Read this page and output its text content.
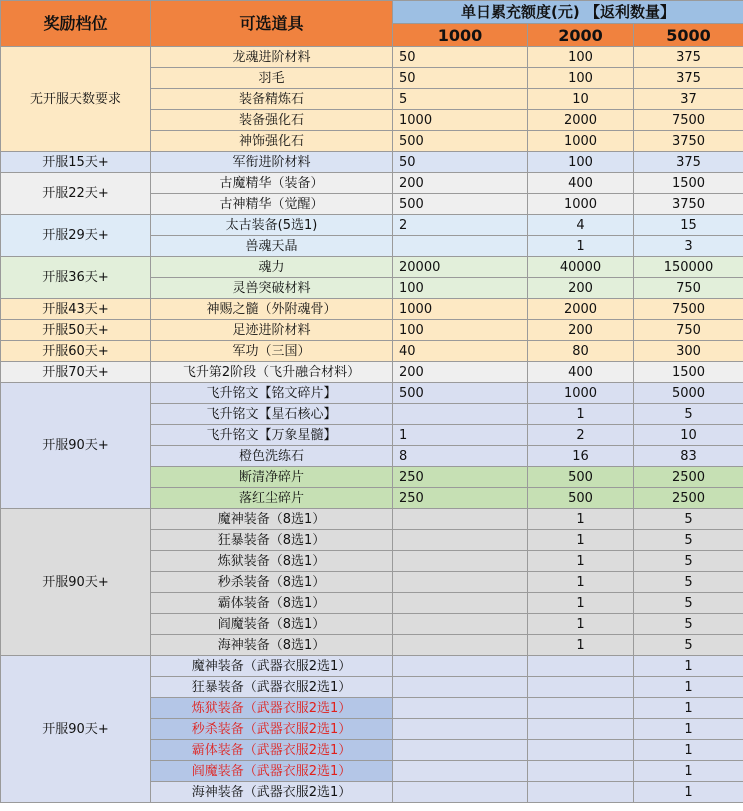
奖励档位	可选道具	单日累充额度(元) 【返利数量】		
		1000	2000	5000
无开服天数要求	龙魂进阶材料	50	100	375
	羽毛	50	100	375
	装备精炼石	5	10	37
	装备强化石	1000	2000	7500
	神饰强化石	500	1000	3750
开服15天+	军衔进阶材料	50	100	375
开服22天+	古魔精华（装备）	200	400	1500
	古神精华（觉醒）	500	1000	3750
开服29天+	太古装备(5选1)	2	4	15
	兽魂天晶		1	3
开服36天+	魂力	20000	40000	150000
	灵兽突破材料	100	200	750
开服43天+	神赐之髓（外附魂骨）	1000	2000	7500
开服50天+	足迹进阶材料	100	200	750
开服60天+	军功（三国）	40	80	300
开服70天+	飞升第2阶段（飞升融合材料）	200	400	1500
开服90天+	飞升铭文【铭文碎片】	500	1000	5000
	飞升铭文【星石核心】		1	5
	飞升铭文【万象星髓】	1	2	10
	橙色洗练石	8	16	83
	断清净碎片	250	500	2500
	落红尘碎片	250	500	2500
开服90天+	魔神装备（8选1）		1	5
	狂暴装备（8选1）		1	5
	炼狱装备（8选1）		1	5
	秒杀装备（8选1）		1	5
	霸体装备（8选1）		1	5
	阎魔装备（8选1）		1	5
	海神装备（8选1）		1	5
开服90天+	魔神装备（武器衣服2选1）			1
	狂暴装备（武器衣服2选1）			1
	炼狱装备（武器衣服2选1）			1
	秒杀装备（武器衣服2选1）			1
	霸体装备（武器衣服2选1）			1
	阎魔装备（武器衣服2选1）			1
	海神装备（武器衣服2选1）			1
